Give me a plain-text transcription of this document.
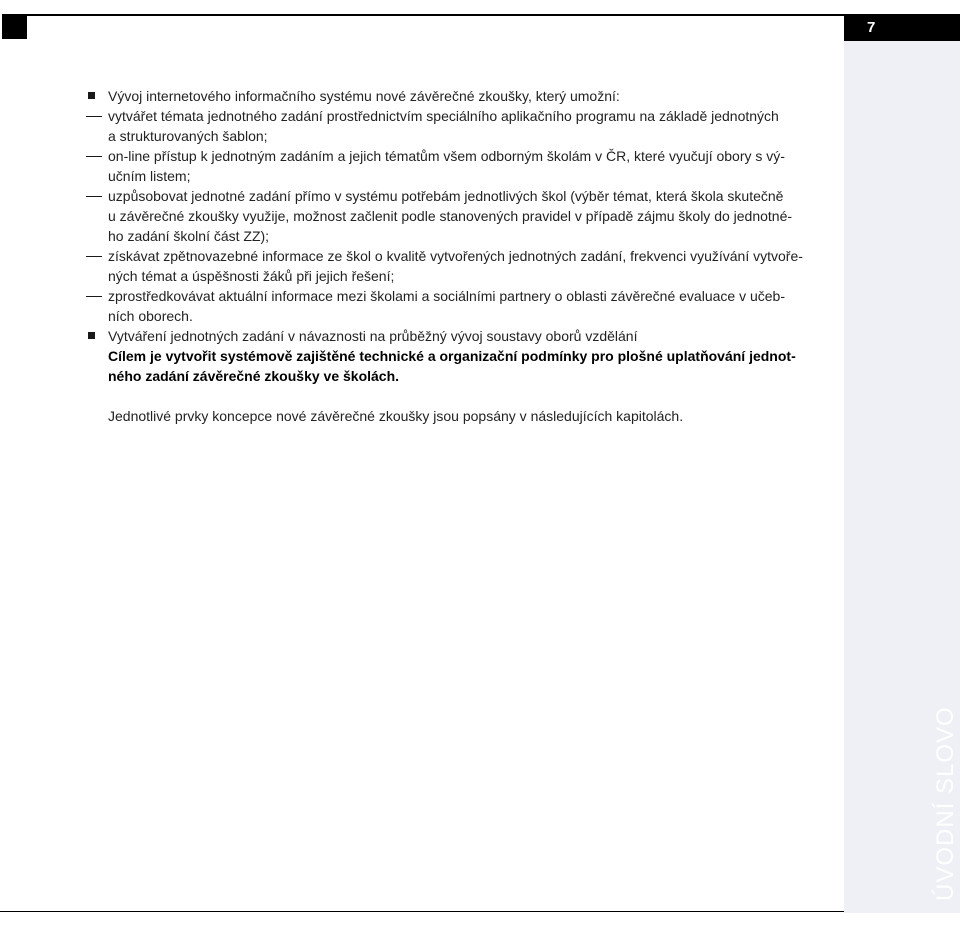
7
ÚVODNÍ SLOVO
Vývoj internetového informačního systému nové závěrečné zkoušky, který umožní:
vytvářet témata jednotného zadání prostřednictvím speciálního aplikačního programu na základě jednotných
a strukturovaných šablon;
on-line přístup k jednotným zadáním a jejich tématům všem odborným školám v ČR, které vyučují obory s vý-
učním listem;
uzpůsobovat jednotné zadání přímo v systému potřebám jednotlivých škol (výběr témat, která škola skutečně
u závěrečné zkoušky využije, možnost začlenit podle stanovených pravidel v případě zájmu školy do jednotné-
ho zadání školní část ZZ);
získávat zpětnovazebné informace ze škol o kvalitě vytvořených jednotných zadání, frekvenci využívání vytvoře-
ných témat a úspěšnosti žáků při jejich řešení;
zprostředkovávat aktuální informace mezi školami a sociálními partnery o oblasti závěrečné evaluace v učeb-
ních oborech.
Vytváření jednotných zadání v návaznosti na průběžný vývoj soustavy oborů vzdělání
Cílem je vytvořit systémově zajištěné technické a organizační podmínky pro plošné uplatňování jednot-
ného zadání závěrečné zkoušky ve školách.
Jednotlivé prvky koncepce nové závěrečné zkoušky jsou popsány v následujících kapitolách.
